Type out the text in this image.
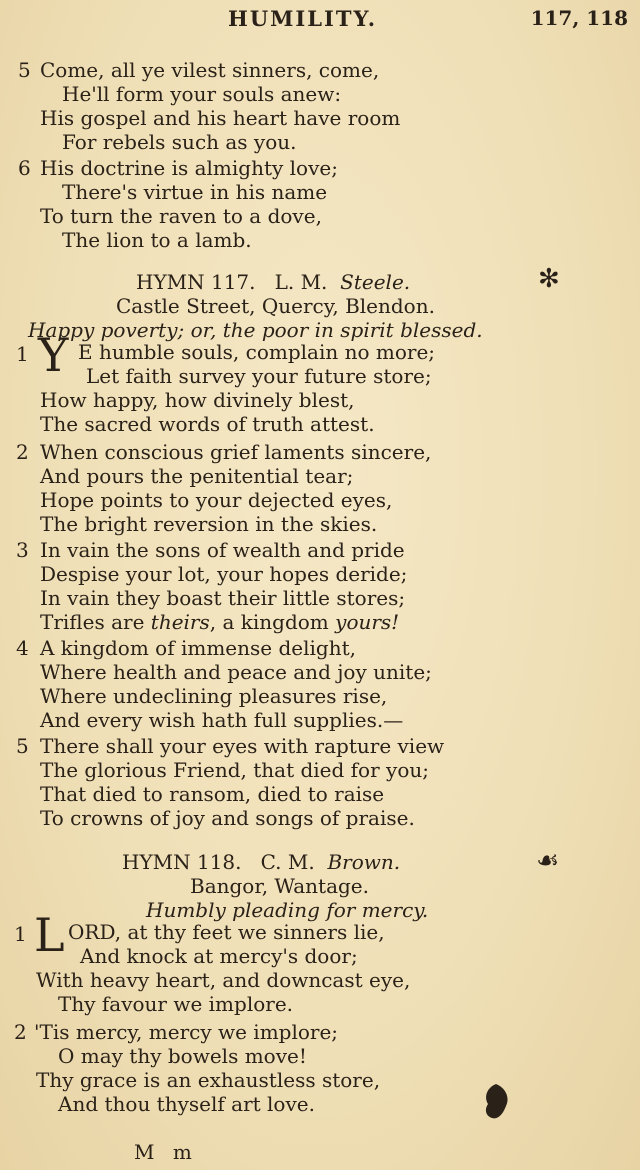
HUMILITY.	117, 118
5 Come, all ye vilest sinners, come,
He'll form your souls anew:
His gospel and his heart have room
For rebels such as you.
6 His doctrine is almighty love;
There's virtue in his name
To turn the raven to a dove,
The lion to a lamb.
HYMN 117.   L. M. Steele.	✻
Castle Street, Quercy, Blendon.
Happy poverty; or, the poor in spirit blessed.
1 Y E humble souls, complain no more;
Let faith survey your future store;
How happy, how divinely blest,
The sacred words of truth attest.
2 When conscious grief laments sincere,
And pours the penitential tear;
Hope points to your dejected eyes,
The bright reversion in the skies.
3 In vain the sons of wealth and pride
Despise your lot, your hopes deride;
In vain they boast their little stores;
Trifles are theirs, a kingdom yours!
4 A kingdom of immense delight,
Where health and peace and joy unite;
Where undeclining pleasures rise,
And every wish hath full supplies.—
5 There shall your eyes with rapture view
The glorious Friend, that died for you;
That died to ransom, died to raise
To crowns of joy and songs of praise.
HYMN 118.   C. M. Brown.	☙
Bangor, Wantage.
Humbly pleading for mercy.
1 L ORD, at thy feet we sinners lie,
And knock at mercy's door;
With heavy heart, and downcast eye,
Thy favour we implore.
2 'Tis mercy, mercy we implore;
O may thy bowels move!
Thy grace is an exhaustless store,
And thou thyself art love.
M m
